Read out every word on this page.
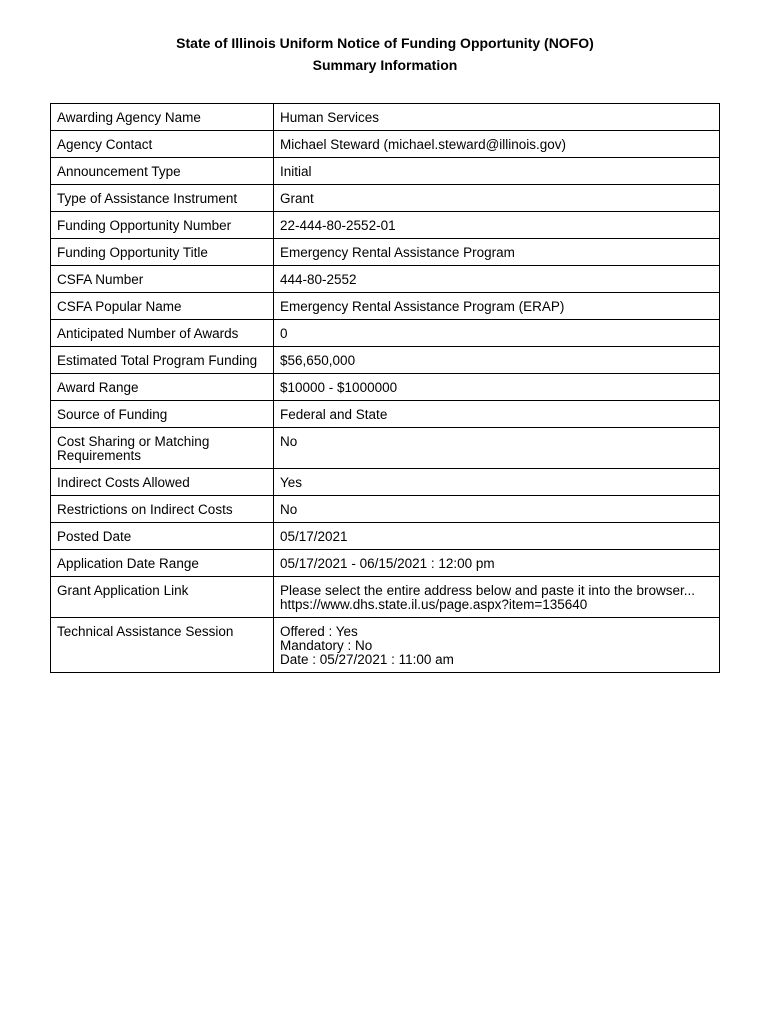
State of Illinois Uniform Notice of Funding Opportunity (NOFO)
Summary Information
Awarding Agency Name	Human Services
Agency Contact	Michael Steward (michael.steward@illinois.gov)
Announcement Type	Initial
Type of Assistance Instrument	Grant
Funding Opportunity Number	22-444-80-2552-01
Funding Opportunity Title	Emergency Rental Assistance Program
CSFA Number	444-80-2552
CSFA Popular Name	Emergency Rental Assistance Program (ERAP)
Anticipated Number of Awards	0
Estimated Total Program Funding	$56,650,000
Award Range	$10000 - $1000000
Source of Funding	Federal and State
Cost Sharing or Matching
Requirements	No
Indirect Costs Allowed	Yes
Restrictions on Indirect Costs	No
Posted Date	05/17/2021
Application Date Range	05/17/2021 - 06/15/2021 : 12:00 pm
Grant Application Link	Please select the entire address below and paste it into the browser...
https://www.dhs.state.il.us/page.aspx?item=135640
Technical Assistance Session	Offered : Yes
Mandatory : No
Date : 05/27/2021 : 11:00 am
